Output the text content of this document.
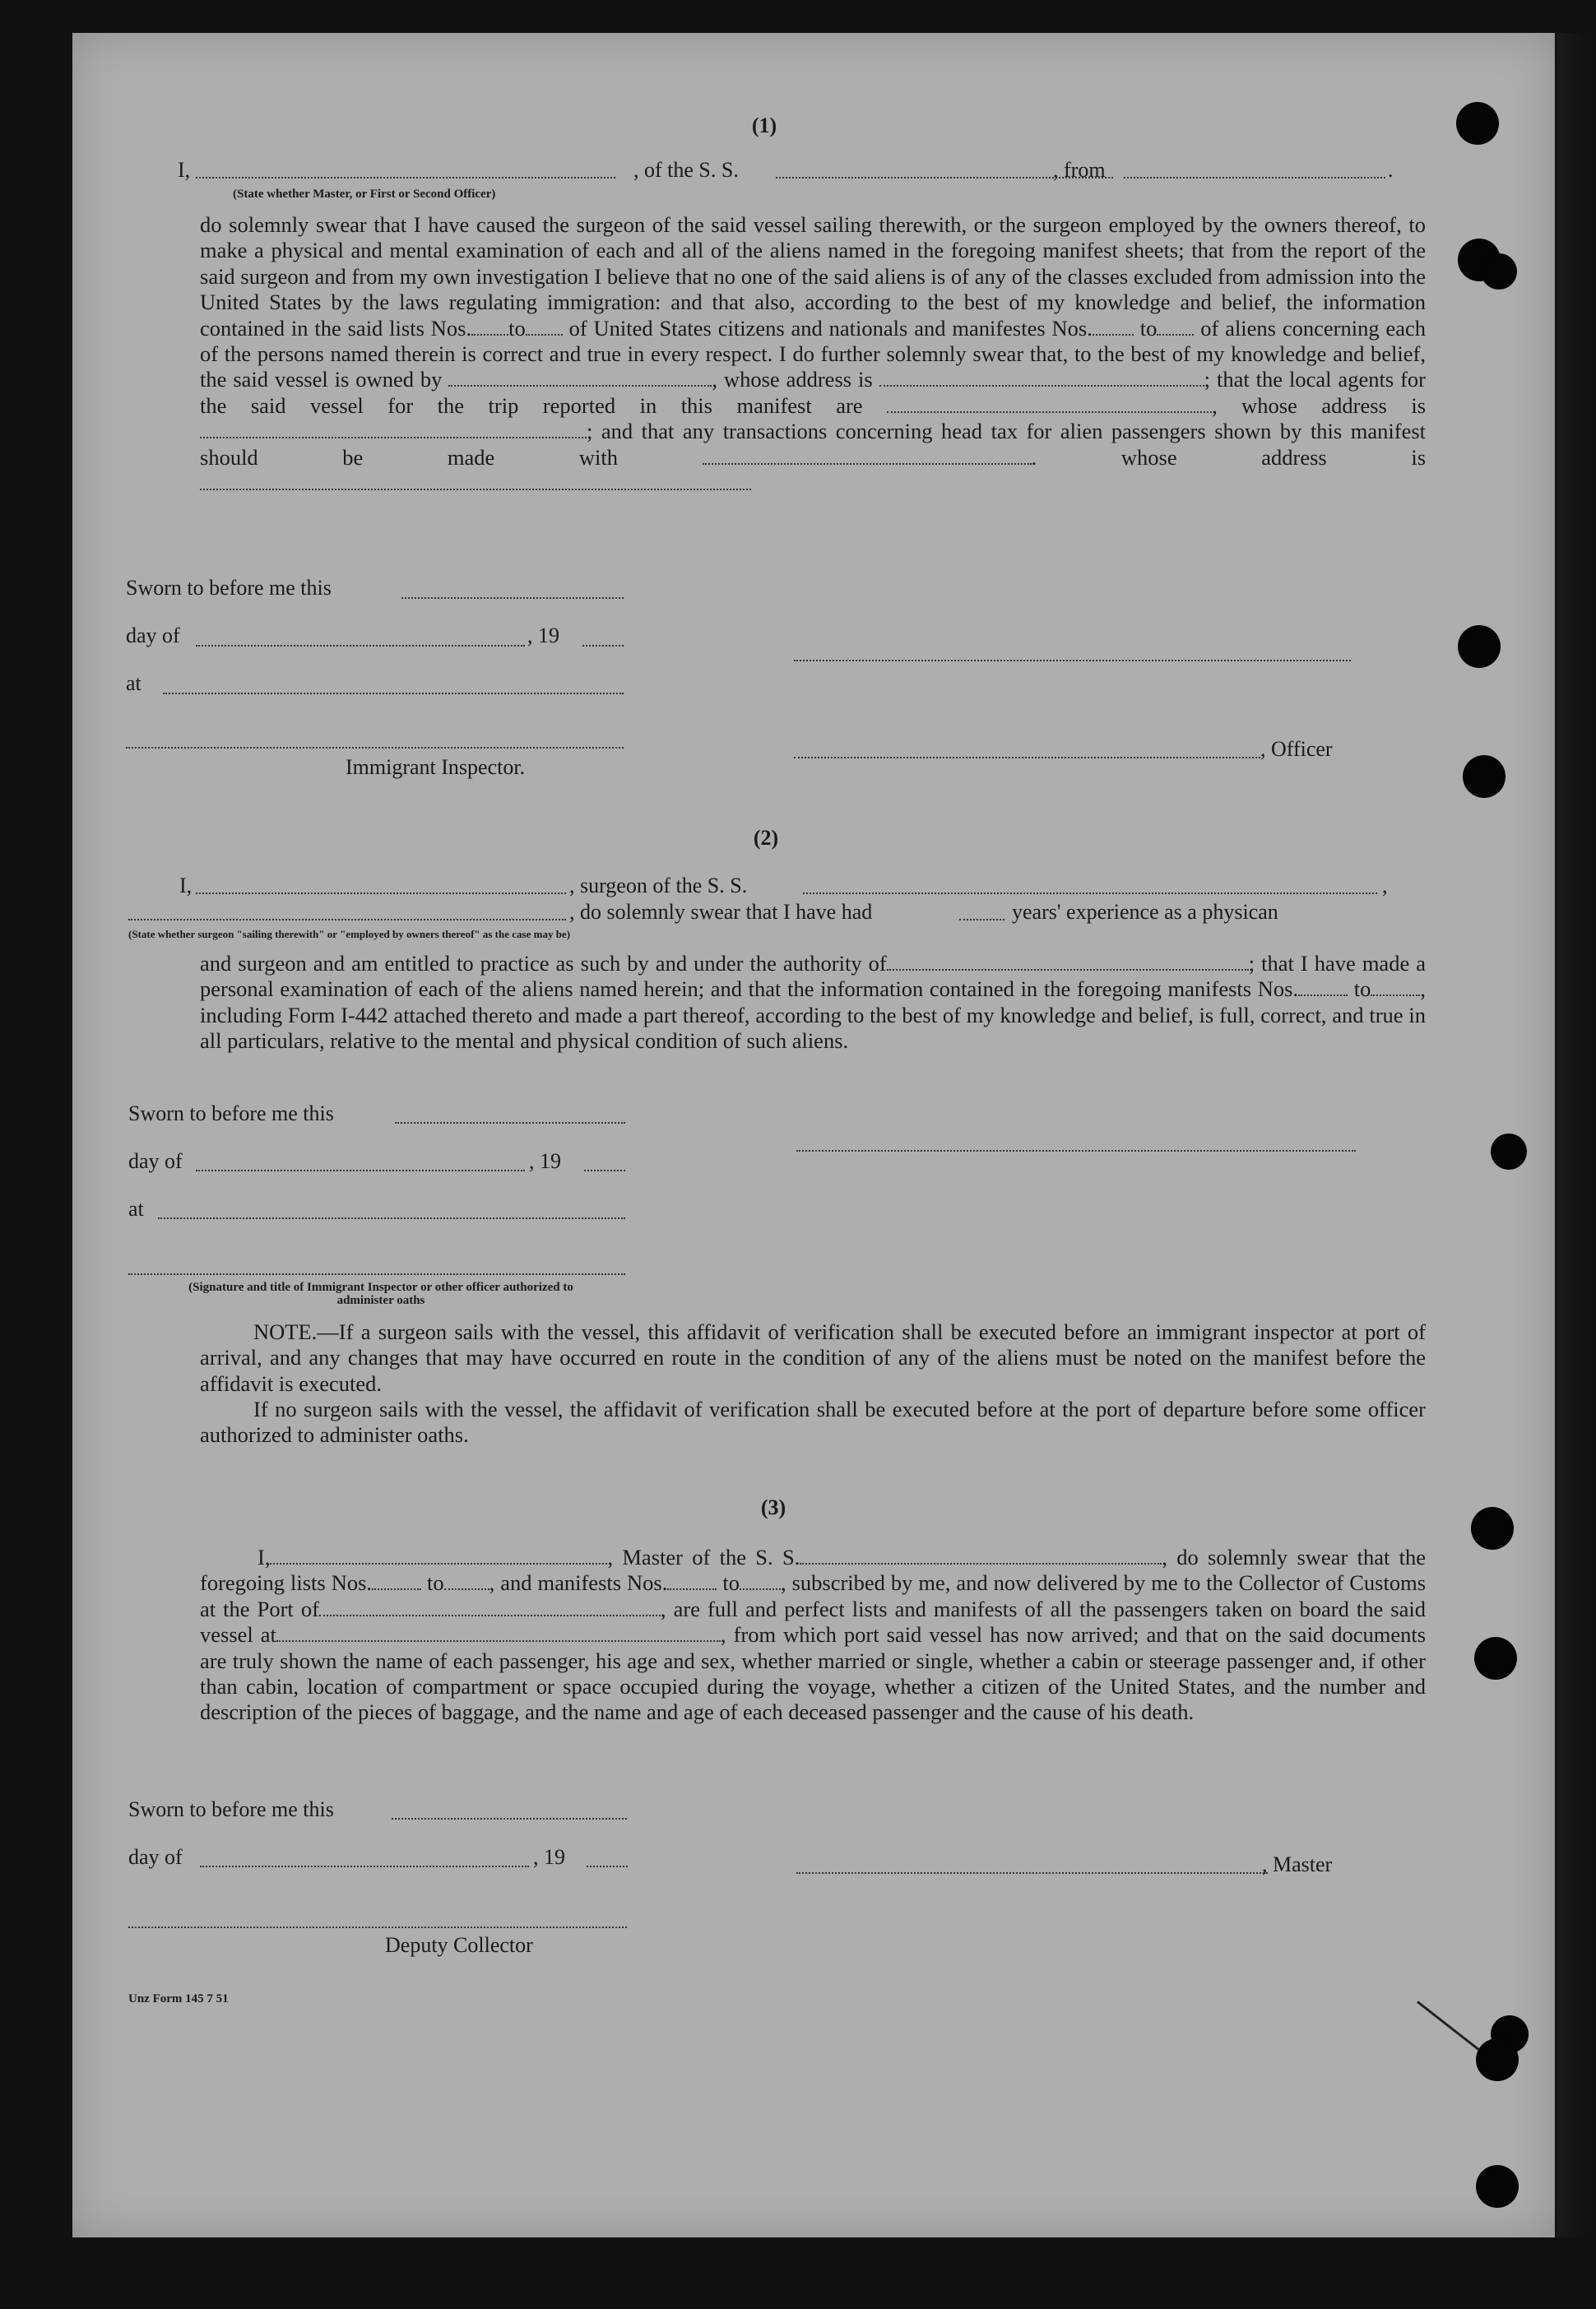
(1)
I,	, of the S. S.	, from	.
(State whether Master, or First or Second Officer)
do solemnly swear that I have caused the surgeon of the said vessel sailing therewith, or the surgeon employed by the owners thereof, to make a physical and mental examination of each and all of the aliens named in the foregoing manifest sheets; that from the report of the said surgeon and from my own investigation I believe that no one of the said aliens is of any of the classes excluded from admission into the United States by the laws regulating immigration: and that also, according to the best of my knowledge and belief, the information contained in the said lists Nos. to of United States citizens and nationals and manifestes Nos. to of aliens concerning each of the persons named therein is correct and true in every respect. I do further solemnly swear that, to the best of my knowledge and belief, the said vessel is owned by	, whose address is	; that the local agents for the said vessel for the trip reported in this manifest are	, whose address is ; and that any transactions concerning head tax for alien passengers shown by this manifest should be made with	. whose address is
Sworn to before me this
day of	, 19
at
, Officer
Immigrant Inspector.
(2)
I,	, surgeon of the S. S.	,
, do solemnly swear that I have had	years' experience as a physican
(State whether surgeon "sailing therewith" or "employed by owners thereof" as the case may be)
and surgeon and am entitled to practice as such by and under the authority of	; that I have made a personal examination of each of the aliens named herein; and that the information contained in the foregoing manifests Nos.	to , including Form I-442 attached thereto and made a part thereof, according to the best of my knowledge and belief, is full, correct, and true in all particulars, relative to the mental and physical condition of such aliens.
Sworn to before me this
day of	, 19
at
(Signature and title of Immigrant Inspector or other officer authorized to administer oaths
NOTE.—If a surgeon sails with the vessel, this affidavit of verification shall be executed before an immigrant inspector at port of arrival, and any changes that may have occurred en route in the condition of any of the aliens must be noted on the manifest before the affidavit is executed.
If no surgeon sails with the vessel, the affidavit of verification shall be executed before at the port of departure before some officer authorized to administer oaths.
(3)
I,	, Master of the S. S.	, do solemnly swear that the foregoing lists Nos.	to , and manifests Nos.	to , subscribed by me, and now delivered by me to the Collector of Customs at the Port of	, are full and perfect lists and manifests of all the passengers taken on board the said vessel at	, from which port said vessel has now arrived; and that on the said documents are truly shown the name of each passenger, his age and sex, whether married or single, whether a cabin or steerage passenger and, if other than cabin, location of compartment or space occupied during the voyage, whether a citizen of the United States, and the number and description of the pieces of baggage, and the name and age of each deceased passenger and the cause of his death.
Sworn to before me this
day of	, 19	, Master
Deputy Collector
Unz Form 145 7 51
